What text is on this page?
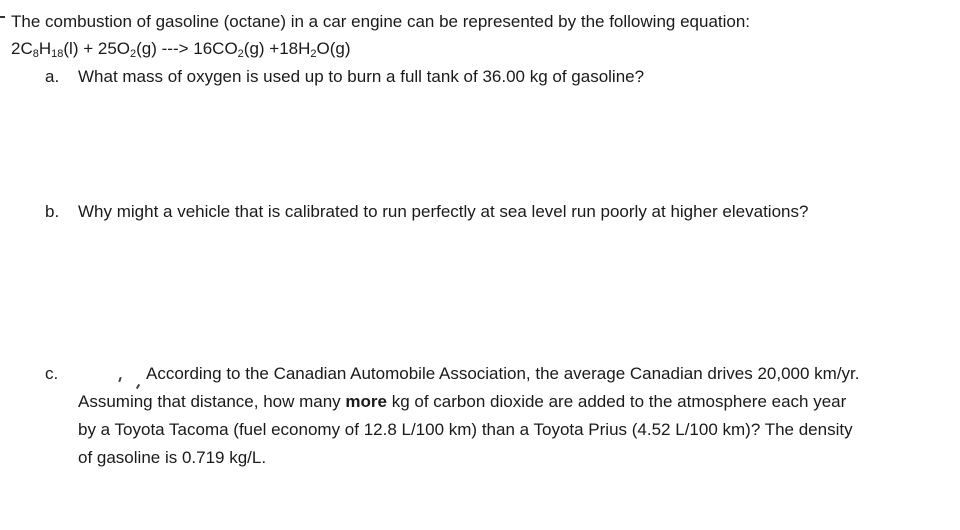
The combustion of gasoline (octane) in a car engine can be represented by the following equation:
$2C_8H_{18}(l) + 25O_2(g)$ ---> $16CO_2(g) +18H_2O(g)$
a.	What mass of oxygen is used up to burn a full tank of 36.00 kg of gasoline?
b.	Why might a vehicle that is calibrated to run perfectly at sea level run poorly at higher elevations?
c.	According to the Canadian Automobile Association, the average Canadian drives 20,000 km/yr.
Assuming that distance, how many more kg of carbon dioxide are added to the atmosphere each year
by a Toyota Tacoma (fuel economy of 12.8 L/100 km) than a Toyota Prius (4.52 L/100 km)? The density
of gasoline is 0.719 kg/L.
